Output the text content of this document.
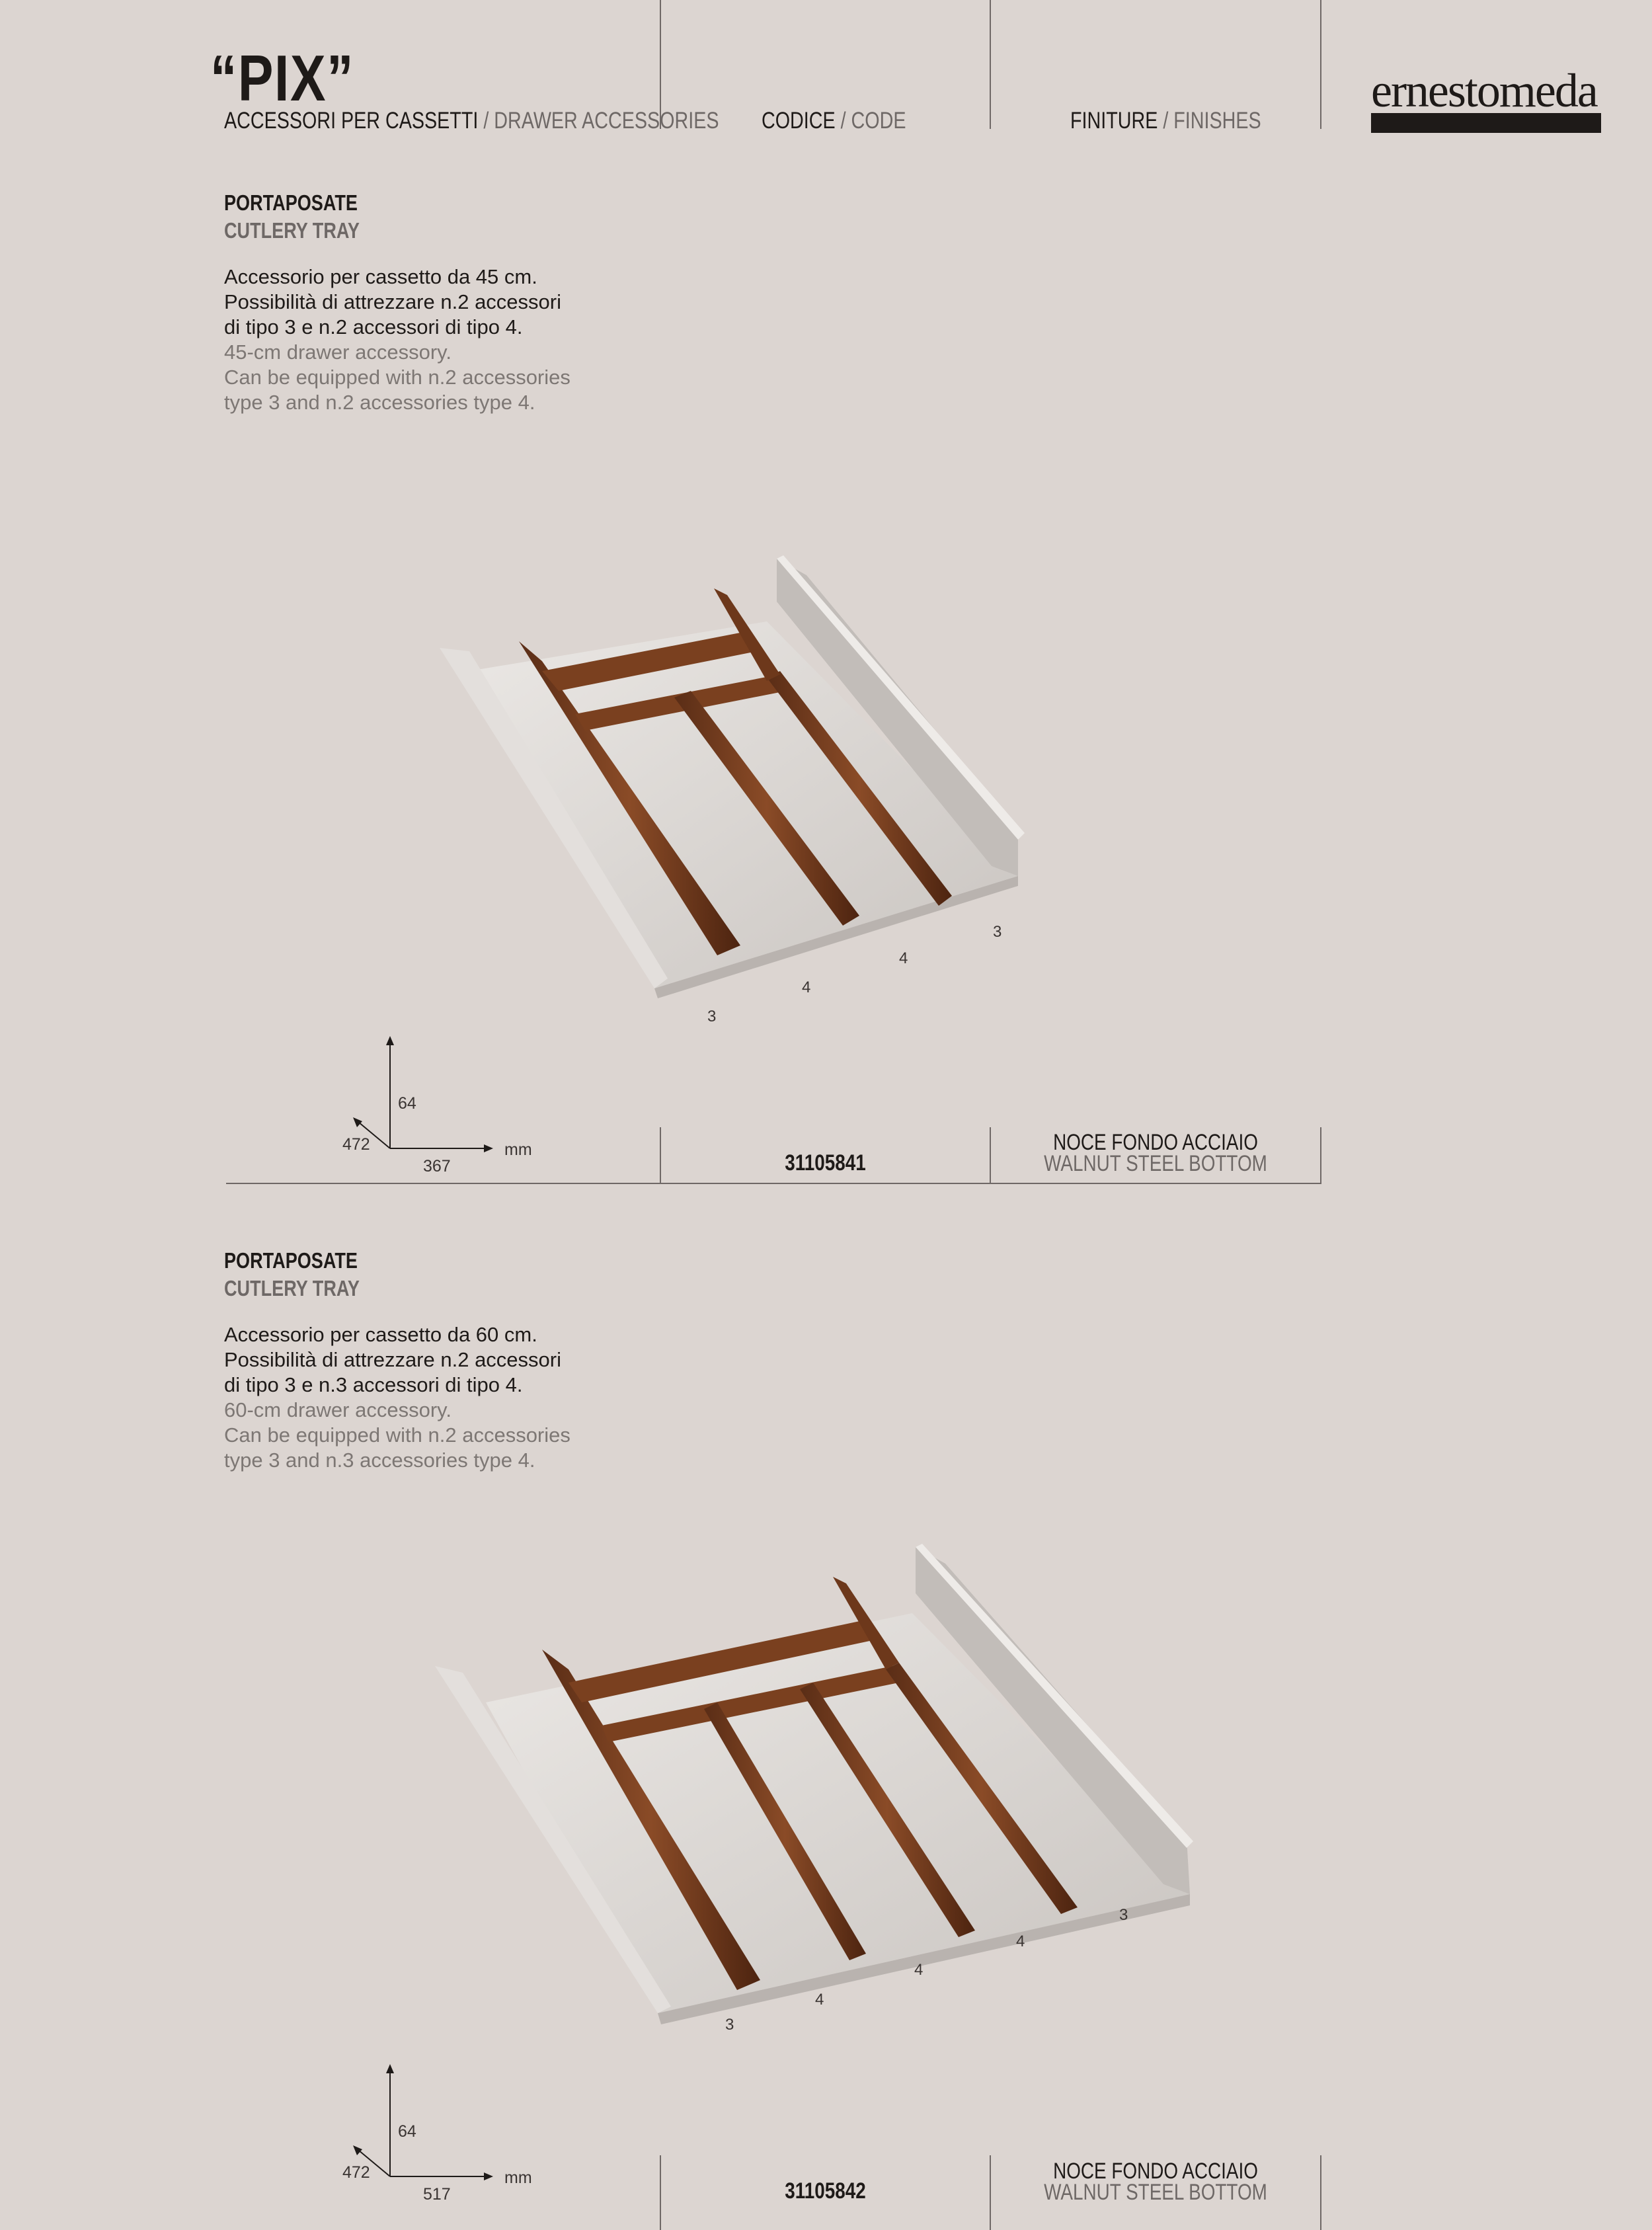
“PIX”
ACCESSORI PER CASSETTI / DRAWER ACCESSORIES	CODICE / CODE	FINITURE / FINISHES
ernestomeda
PORTAPOSATE
CUTLERY TRAY
Accessorio per cassetto da 45 cm.
Possibilità di attrezzare n.2 accessori
di tipo 3 e n.2 accessori di tipo 4.
45-cm drawer accessory.
Can be equipped with n.2 accessories
type 3 and n.2 accessories type 4.
3
4
4
3
64
472
367
mm
31105841
NOCE FONDO ACCIAIO
WALNUT STEEL BOTTOM
PORTAPOSATE
CUTLERY TRAY
Accessorio per cassetto da 60 cm.
Possibilità di attrezzare n.2 accessori
di tipo 3 e n.3 accessori di tipo 4.
60-cm drawer accessory.
Can be equipped with n.2 accessories
type 3 and n.3 accessories type 4.
3
4
4
4
3
64
472
517
mm
31105842
NOCE FONDO ACCIAIO
WALNUT STEEL BOTTOM
